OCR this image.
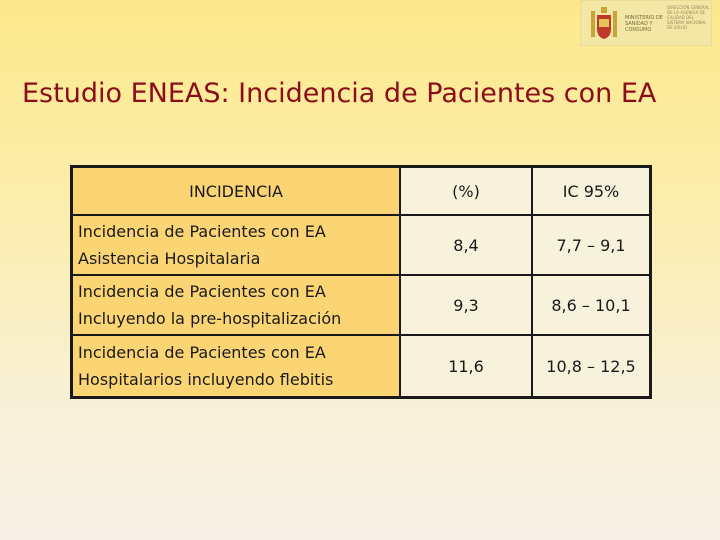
MINISTERIO DE SANIDAD Y CONSUMO
DIRECCIÓN GENERAL DE LA AGENCIA DE CALIDAD DEL SISTEMA NACIONAL DE SALUD
Estudio ENEAS: Incidencia de Pacientes con EA
INCIDENCIA	(%)	IC 95%

Incidencia de Pacientes con EA
Asistencia Hospitalaria	8,4	7,7 – 9,1

Incidencia de Pacientes con EA
Incluyendo la pre-hospitalización	9,3	8,6 – 10,1

Incidencia de Pacientes con EA
Hospitalarios incluyendo flebitis	11,6	10,8 – 12,5
